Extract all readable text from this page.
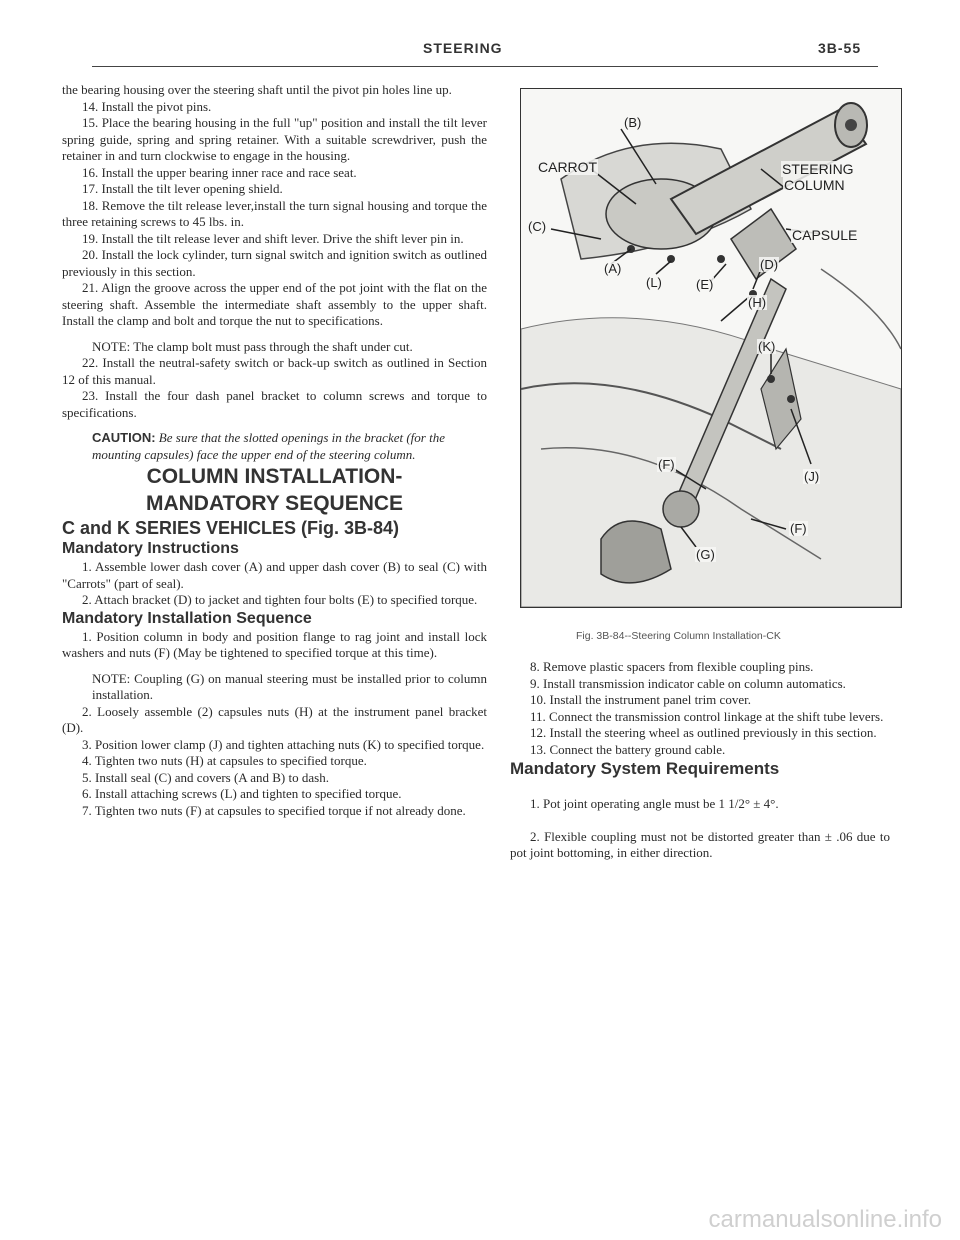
STEERING	3B-55

the bearing housing over the steering shaft until the pivot pin holes line up.

14. Install the pivot pins.

15. Place the bearing housing in the full "up" position and install the tilt lever spring guide, spring and spring retainer. With a suitable screwdriver, push the retainer in and turn clockwise to engage in the housing.

16. Install the upper bearing inner race and race seat.

17. Install the tilt lever opening shield.

18. Remove the tilt release lever,install the turn signal housing and torque the three retaining screws to 45 lbs. in.

19. Install the tilt release lever and shift lever. Drive the shift lever pin in.

20. Install the lock cylinder, turn signal switch and ignition switch as outlined previously in this section.

21. Align the groove across the upper end of the pot joint with the flat on the steering shaft. Assemble the intermediate shaft assembly to the upper shaft. Install the clamp and bolt and torque the nut to specifications.

NOTE: The clamp bolt must pass through the shaft under cut.

22. Install the neutral-safety switch or back-up switch as outlined in Section 12 of this manual.

23. Install the four dash panel bracket to column screws and torque to specifications.

CAUTION: Be sure that the slotted openings in the bracket (for the mounting capsules) face the upper end of the steering column.

COLUMN INSTALLATION-

MANDATORY SEQUENCE

C and K SERIES VEHICLES (Fig. 3B-84)

Mandatory Instructions

1. Assemble lower dash cover (A) and upper dash cover (B) to seal (C) with "Carrots" (part of seal).

2. Attach bracket (D) to jacket and tighten four bolts (E) to specified torque.

Mandatory Installation Sequence

1. Position column in body and position flange to rag joint and install lock washers and nuts (F) (May be tightened to specified torque at this time).

NOTE: Coupling (G) on manual steering must be installed prior to column installation.

2. Loosely assemble (2) capsules nuts (H) at the instrument panel bracket (D).

3. Position lower clamp (J) and tighten attaching nuts (K) to specified torque.

4. Tighten two nuts (H) at capsules to specified torque.

5. Install seal (C) and covers (A and B) to dash.

6. Install attaching screws (L) and tighten to specified torque.

7. Tighten two nuts (F) at capsules to specified torque if not already done.

(B)
CARROT
(C)
STEERING
COLUMN
CAPSULE
(A)
(L)	(E)
(D)
(H)
(K)
(F)
(J)
(F)
(G)
Fig. 3B-84--Steering Column Installation-CK

8. Remove plastic spacers from flexible coupling pins.

9. Install transmission indicator cable on column automatics.

10. Install the instrument panel trim cover.

11. Connect the transmission control linkage at the shift tube levers.

12. Install the steering wheel as outlined previously in this section.

13. Connect the battery ground cable.

Mandatory System Requirements

1. Pot joint operating angle must be 1 1/2° ± 4°.

2. Flexible coupling must not be distorted greater than ± .06 due to pot joint bottoming, in either direction.

carmanualsonline.info
